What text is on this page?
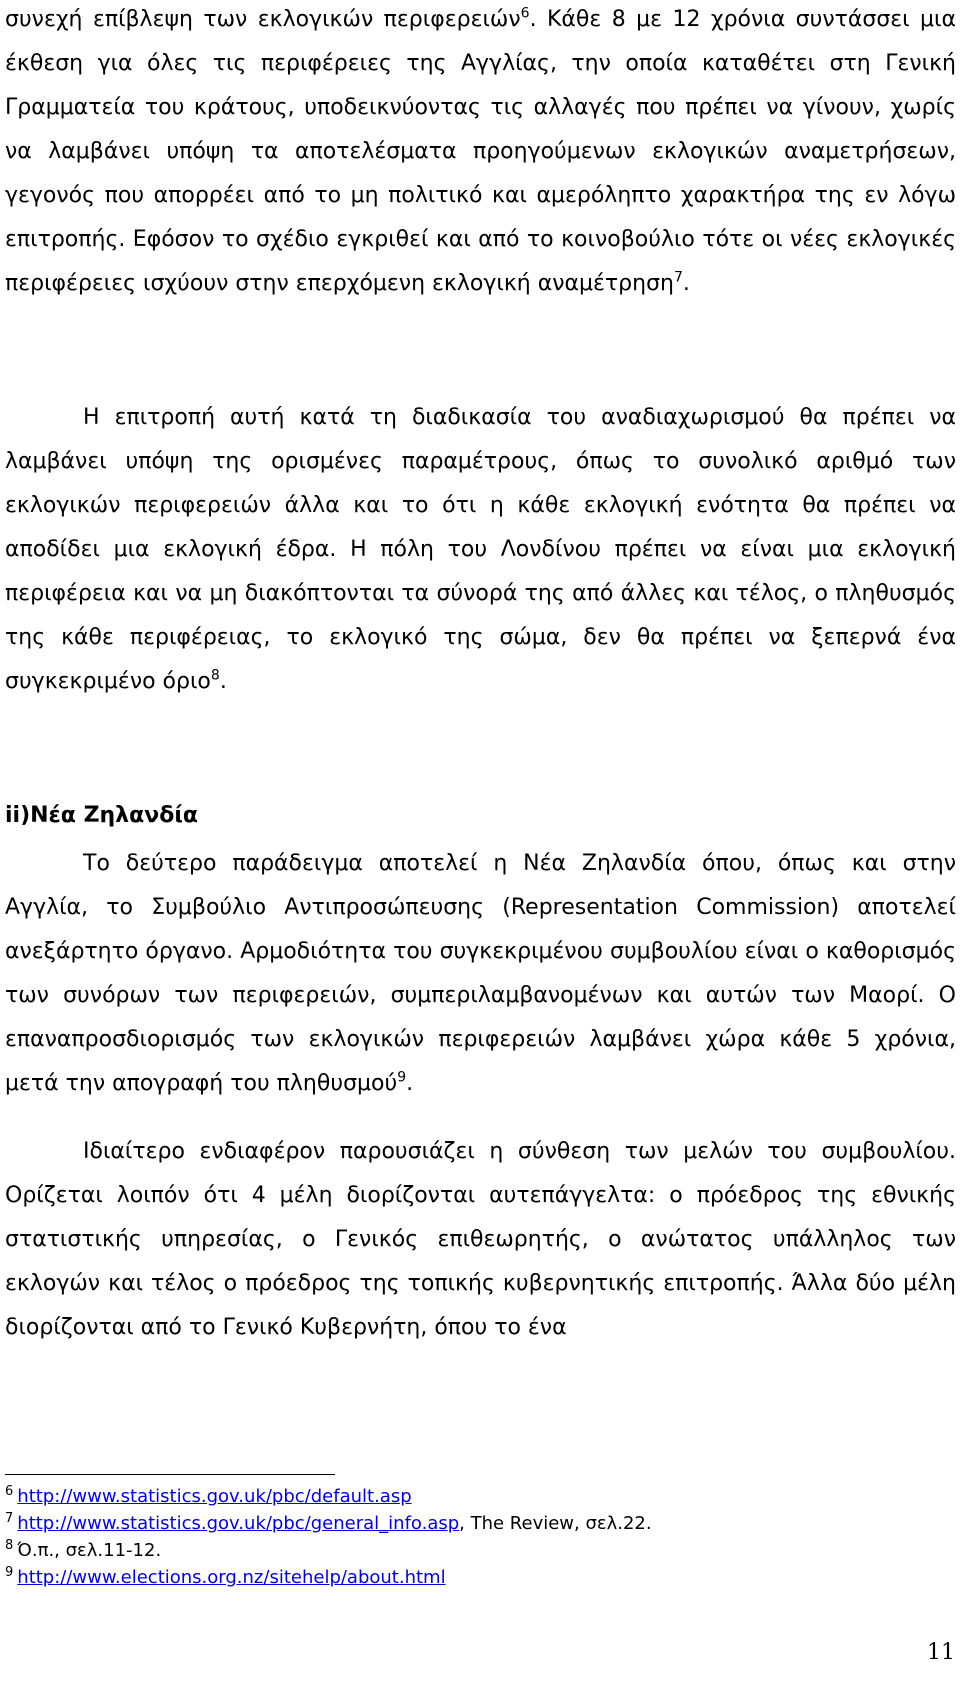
συνεχή επίβλεψη των εκλογικών περιφερειών$^6$. Κάθε 8 με 12 χρόνια συντάσσει μια έκθεση για όλες τις περιφέρειες της Αγγλίας, την οποία καταθέτει στη Γενική Γραμματεία του κράτους, υποδεικνύοντας τις αλλαγές που πρέπει να γίνουν, χωρίς να λαμβάνει υπόψη τα αποτελέσματα προηγούμενων εκλογικών αναμετρήσεων, γεγονός που απορρέει από το μη πολιτικό και αμερόληπτο χαρακτήρα της εν λόγω επιτροπής. Εφόσον το σχέδιο εγκριθεί και από το κοινοβούλιο τότε οι νέες εκλογικές περιφέρειες ισχύουν στην επερχόμενη εκλογική αναμέτρηση$^7$.

Η επιτροπή αυτή κατά τη διαδικασία του αναδιαχωρισμού θα πρέπει να λαμβάνει υπόψη της ορισμένες παραμέτρους, όπως το συνολικό αριθμό των εκλογικών περιφερειών άλλα και το ότι η κάθε εκλογική ενότητα θα πρέπει να αποδίδει μια εκλογική έδρα. Η πόλη του Λονδίνου πρέπει να είναι μια εκλογική περιφέρεια και να μη διακόπτονται τα σύνορά της από άλλες και τέλος, ο πληθυσμός της κάθε περιφέρειας, το εκλογικό της σώμα, δεν θα πρέπει να ξεπερνά ένα συγκεκριμένο όριο$^8$.

ii)Νέα Ζηλανδία

Το δεύτερο παράδειγμα αποτελεί η Νέα Ζηλανδία όπου, όπως και στην Αγγλία, το Συμβούλιο Αντιπροσώπευσης (Representation Commission) αποτελεί ανεξάρτητο όργανο. Αρμοδιότητα του συγκεκριμένου συμβουλίου είναι ο καθορισμός των συνόρων των περιφερειών, συμπεριλαμβανομένων και αυτών των Μαορί. Ο επαναπροσδιορισμός των εκλογικών περιφερειών λαμβάνει χώρα κάθε 5 χρόνια, μετά την απογραφή του πληθυσμού$^9$.

Ιδιαίτερο ενδιαφέρον παρουσιάζει η σύνθεση των μελών του συμβουλίου. Ορίζεται λοιπόν ότι 4 μέλη διορίζονται αυτεπάγγελτα: ο πρόεδρος της εθνικής στατιστικής υπηρεσίας, ο Γενικός επιθεωρητής, ο ανώτατος υπάλληλος των εκλογών και τέλος ο πρόεδρος της τοπικής κυβερνητικής επιτροπής. Άλλα δύο μέλη διορίζονται από το Γενικό Κυβερνήτη, όπου το ένα

$^6$ http://www.statistics.gov.uk/pbc/default.asp

$^7$ http://www.statistics.gov.uk/pbc/general_info.asp, The Review, σελ.22.

$^8$ Ό.π., σελ.11-12.

$^9$ http://www.elections.org.nz/sitehelp/about.html

11
